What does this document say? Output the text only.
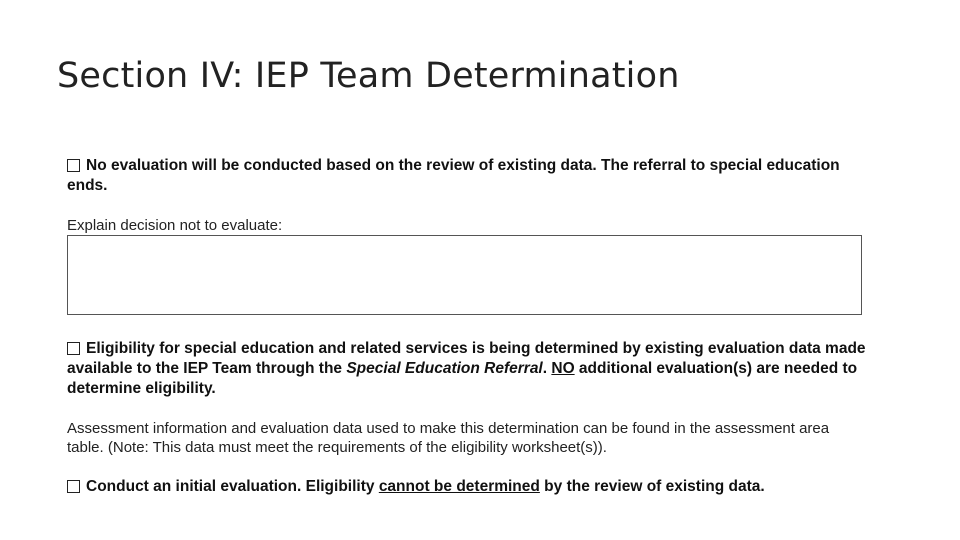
Section IV: IEP Team Determination
No evaluation will be conducted based on the review of existing data. The referral to special education ends.
Explain decision not to evaluate:
Eligibility for special education and related services is being determined by existing evaluation data made available to the IEP Team through the Special Education Referral. NO additional evaluation(s) are needed to determine eligibility.
Assessment information and evaluation data used to make this determination can be found in the assessment area table. (Note: This data must meet the requirements of the eligibility worksheet(s)).
Conduct an initial evaluation. Eligibility cannot be determined by the review of existing data.
